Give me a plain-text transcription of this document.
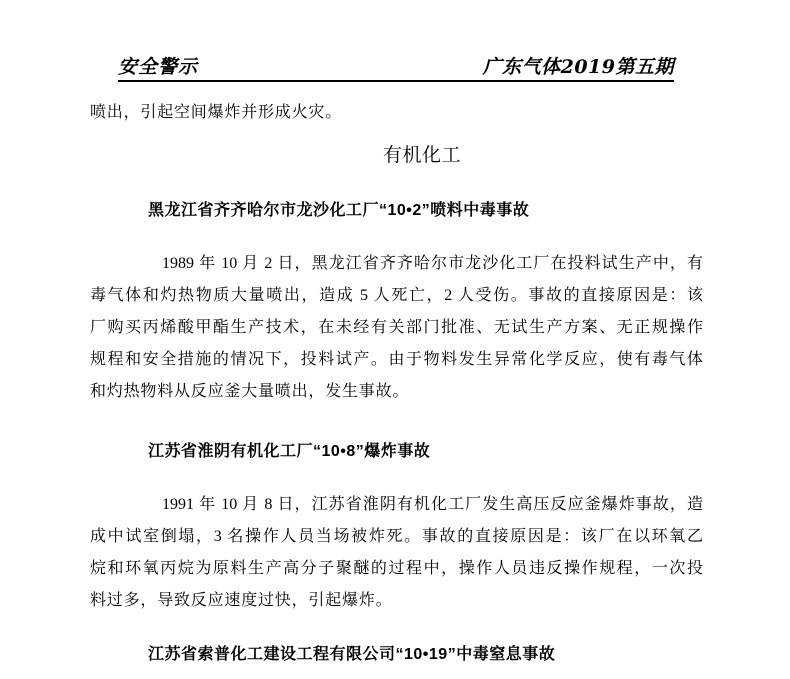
安全警示	广东气体2019第五期
喷出，引起空间爆炸并形成火灾。
有机化工
黑龙江省齐齐哈尔市龙沙化工厂“10•2”喷料中毒事故
1989 年 10 月 2 日，黑龙江省齐齐哈尔市龙沙化工厂在投料试生产中，有
毒气体和灼热物质大量喷出，造成 5 人死亡，2 人受伤。事故的直接原因是：该
厂购买丙烯酸甲酯生产技术，在未经有关部门批准、无试生产方案、无正规操作
规程和安全措施的情况下，投料试产。由于物料发生异常化学反应，使有毒气体
和灼热物料从反应釜大量喷出，发生事故。
江苏省淮阴有机化工厂“10•8”爆炸事故
1991 年 10 月 8 日，江苏省淮阴有机化工厂发生高压反应釜爆炸事故，造
成中试室倒塌，3 名操作人员当场被炸死。事故的直接原因是：该厂在以环氧乙
烷和环氧丙烷为原料生产高分子聚醚的过程中，操作人员违反操作规程，一次投
料过多，导致反应速度过快，引起爆炸。
江苏省索普化工建设工程有限公司“10•19”中毒窒息事故
